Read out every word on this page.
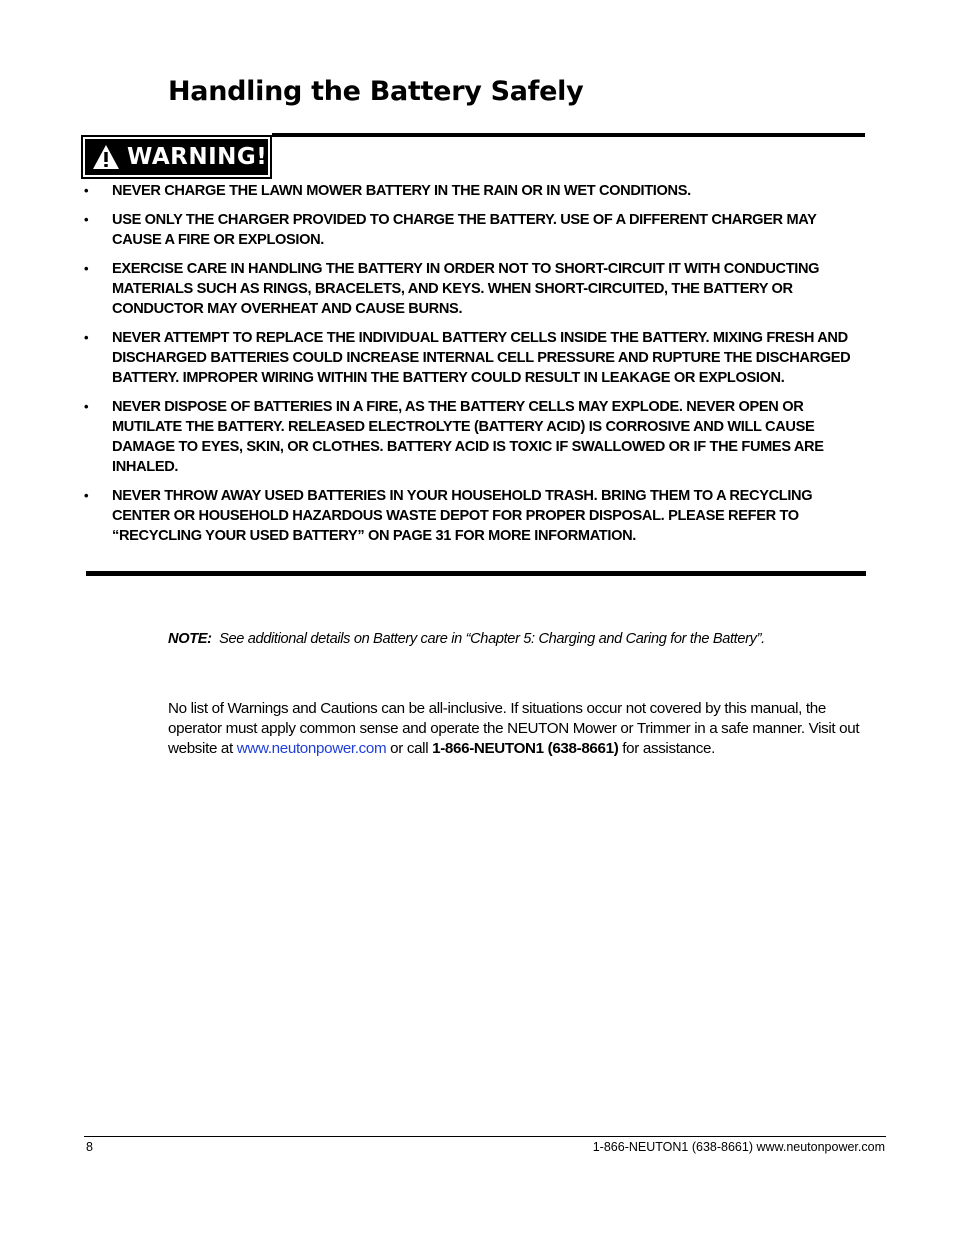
Handling the Battery Safely
WARNING!
• NEVER CHARGE THE LAWN MOWER BATTERY IN THE RAIN OR IN WET CONDITIONS.
• USE ONLY THE CHARGER PROVIDED TO CHARGE THE BATTERY. USE OF A DIFFERENT CHARGER MAY CAUSE A FIRE OR EXPLOSION.
• EXERCISE CARE IN HANDLING THE BATTERY IN ORDER NOT TO SHORT-CIRCUIT IT WITH CONDUCTING MATERIALS SUCH AS RINGS, BRACELETS, AND KEYS. WHEN SHORT-CIRCUITED, THE BATTERY OR CONDUCTOR MAY OVERHEAT AND CAUSE BURNS.
• NEVER ATTEMPT TO REPLACE THE INDIVIDUAL BATTERY CELLS INSIDE THE BATTERY. MIXING FRESH AND DISCHARGED BATTERIES COULD INCREASE INTERNAL CELL PRESSURE AND RUPTURE THE DISCHARGED BATTERY. IMPROPER WIRING WITHIN THE BATTERY COULD RESULT IN LEAKAGE OR EXPLOSION.
• NEVER DISPOSE OF BATTERIES IN A FIRE, AS THE BATTERY CELLS MAY EXPLODE. NEVER OPEN OR MUTILATE THE BATTERY. RELEASED ELECTROLYTE (BATTERY ACID) IS CORROSIVE AND WILL CAUSE DAMAGE TO EYES, SKIN, OR CLOTHES. BATTERY ACID IS TOXIC IF SWALLOWED OR IF THE FUMES ARE INHALED.
• NEVER THROW AWAY USED BATTERIES IN YOUR HOUSEHOLD TRASH. BRING THEM TO A RECYCLING CENTER OR HOUSEHOLD HAZARDOUS WASTE DEPOT FOR PROPER DISPOSAL. PLEASE REFER TO “RECYCLING YOUR USED BATTERY” ON PAGE 31 FOR MORE INFORMATION.
NOTE: See additional details on Battery care in “Chapter 5: Charging and Caring for the Battery”.
No list of Warnings and Cautions can be all-inclusive. If situations occur not covered by this manual, the operator must apply common sense and operate the NEUTON Mower or Trimmer in a safe manner. Visit out website at www.neutonpower.com or call 1-866-NEUTON1 (638-8661) for assistance.
8	1-866-NEUTON1 (638-8661) www.neutonpower.com
